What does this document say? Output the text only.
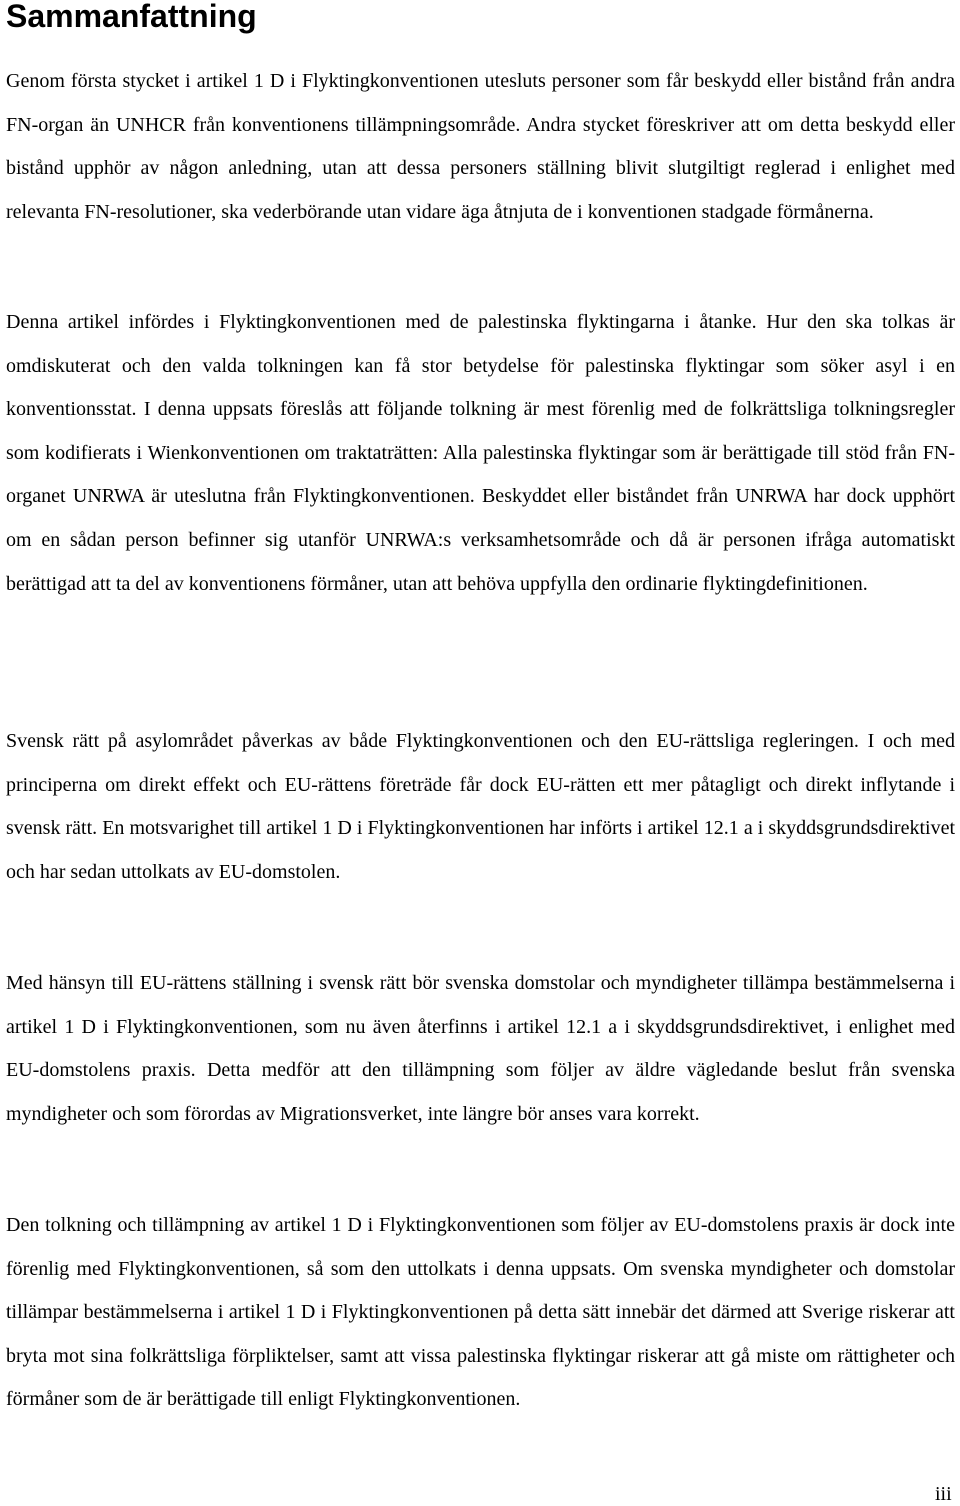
Sammanfattning

Genom första stycket i artikel 1 D i Flyktingkonventionen utesluts personer som får beskydd eller bistånd från andra FN-organ än UNHCR från konventionens tillämpningsområde. Andra stycket föreskriver att om detta beskydd eller bistånd upphör av någon anledning, utan att dessa personers ställning blivit slutgiltigt reglerad i enlighet med relevanta FN-resolutioner, ska vederbörande utan vidare äga åtnjuta de i konventionen stadgade förmånerna.

Denna artikel infördes i Flyktingkonventionen med de palestinska flyktingarna i åtanke. Hur den ska tolkas är omdiskuterat och den valda tolkningen kan få stor betydelse för palestinska flyktingar som söker asyl i en konventionsstat. I denna uppsats föreslås att följande tolkning är mest förenlig med de folkrättsliga tolkningsregler som kodifierats i Wienkonventionen om traktaträtten: Alla palestinska flyktingar som är berättigade till stöd från FN-organet UNRWA är uteslutna från Flyktingkonventionen. Beskyddet eller biståndet från UNRWA har dock upphört om en sådan person befinner sig utanför UNRWA:s verksamhetsområde och då är personen ifråga automatiskt berättigad att ta del av konventionens förmåner, utan att behöva uppfylla den ordinarie flyktingdefinitionen.

Svensk rätt på asylområdet påverkas av både Flyktingkonventionen och den EU-rättsliga regleringen. I och med principerna om direkt effekt och EU-rättens företräde får dock EU-rätten ett mer påtagligt och direkt inflytande i svensk rätt. En motsvarighet till artikel 1 D i Flyktingkonventionen har införts i artikel 12.1 a i skyddsgrundsdirektivet och har sedan uttolkats av EU-domstolen.

Med hänsyn till EU-rättens ställning i svensk rätt bör svenska domstolar och myndigheter tillämpa bestämmelserna i artikel 1 D i Flyktingkonventionen, som nu även återfinns i artikel 12.1 a i skyddsgrundsdirektivet, i enlighet med EU-domstolens praxis. Detta medför att den tillämpning som följer av äldre vägledande beslut från svenska myndigheter och som förordas av Migrationsverket, inte längre bör anses vara korrekt.

Den tolkning och tillämpning av artikel 1 D i Flyktingkonventionen som följer av EU-domstolens praxis är dock inte förenlig med Flyktingkonventionen, så som den uttolkats i denna uppsats. Om svenska myndigheter och domstolar tillämpar bestämmelserna i artikel 1 D i Flyktingkonventionen på detta sätt innebär det därmed att Sverige riskerar att bryta mot sina folkrättsliga förpliktelser, samt att vissa palestinska flyktingar riskerar att gå miste om rättigheter och förmåner som de är berättigade till enligt Flyktingkonventionen.

iii
